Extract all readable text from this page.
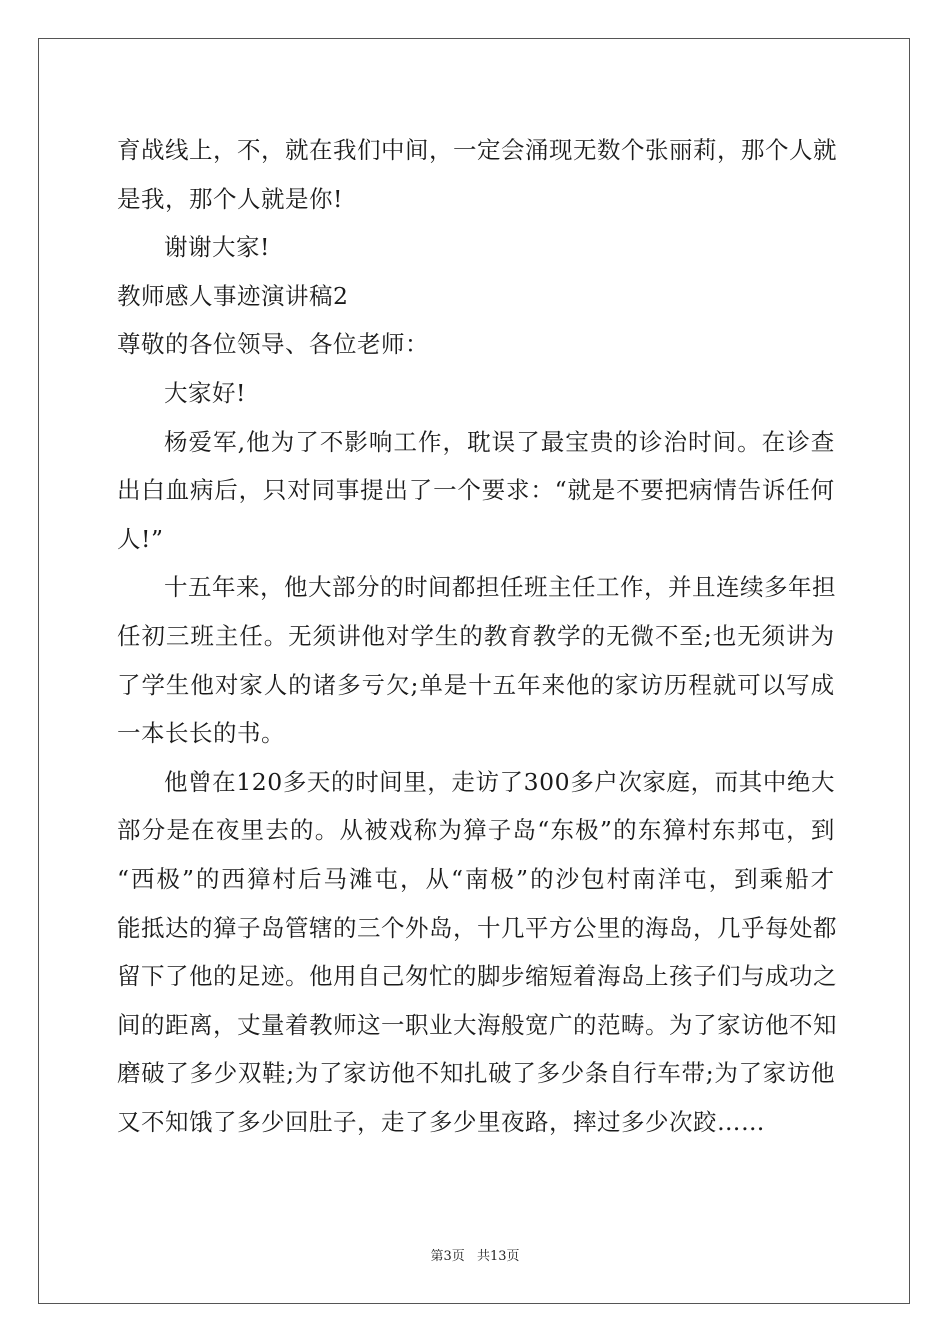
育 战 线 上 ， 不 ， 就 在 我 们 中 间 ， 一 定 会 涌 现 无 数 个 张 丽 莉 ， 那 个 人 就
是我，那个人就是你!
谢谢大家!
教师感人事迹演讲稿2
尊敬的各位领导、各位老师：
大家好!
杨 爱 军 , 他 为 了 不 影 响 工 作 ， 耽 误 了 最 宝 贵 的 诊 治 时 间 。 在 诊 查
出 白 血 病 后 ， 只 对 同 事 提 出 了 一 个 要 求 ： “ 就 是 不 要 把 病 情 告 诉 任 何
人!”
十 五 年 来 ， 他 大 部 分 的 时 间 都 担 任 班 主 任 工 作 ， 并 且 连 续 多 年 担
任 初 三 班 主 任 。 无 须 讲 他 对 学 生 的 教 育 教 学 的 无 微 不 至 ; 也 无 须 讲 为
了 学 生 他 对 家 人 的 诸 多 亏 欠 ; 单 是 十 五 年 来 他 的 家 访 历 程 就 可 以 写 成
一本长长的书。
他 曾 在 1 2 0 多 天 的 时 间 里 ， 走 访 了 3 0 0 多 户 次 家 庭 ， 而 其 中 绝 大
部 分 是 在 夜 里 去 的 。 从 被 戏 称 为 獐 子 岛 “ 东 极 ” 的 东 獐 村 东 邦 屯 ， 到
“ 西 极 ” 的 西 獐 村 后 马 滩 屯 ， 从 “ 南 极 ” 的 沙 包 村 南 洋 屯 ， 到 乘 船 才
能 抵 达 的 獐 子 岛 管 辖 的 三 个 外 岛 ， 十 几 平 方 公 里 的 海 岛 ， 几 乎 每 处 都
留 下 了 他 的 足 迹 。 他 用 自 己 匆 忙 的 脚 步 缩 短 着 海 岛 上 孩 子 们 与 成 功 之
间 的 距 离 ， 丈 量 着 教 师 这 一 职 业 大 海 般 宽 广 的 范 畴 。 为 了 家 访 他 不 知
磨 破 了 多 少 双 鞋 ; 为 了 家 访 他 不 知 扎 破 了 多 少 条 自 行 车 带 ; 为 了 家 访 他
又不知饿了多少回肚子，走了多少里夜路，摔过多少次跤……
第3页 共13页
